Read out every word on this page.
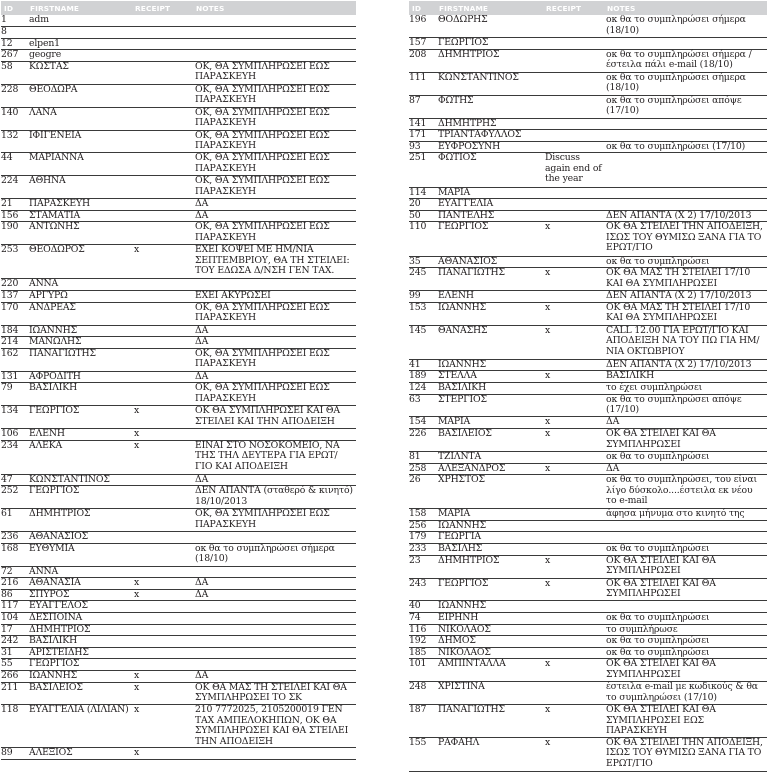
ID	FIRSTNAME	RECEIPT	NOTES
1	adm		
8			
12	elpen1		
267	geogre		
58	ΚΩΣΤΑΣ		ΟΚ, ΘΑ ΣΥΜΠΛΗΡΩΣΕΙ ΕΩΣ ΠΑΡΑΣΚΕΥΗ
228	ΘΕΟΔΩΡΑ		ΟΚ, ΘΑ ΣΥΜΠΛΗΡΩΣΕΙ ΕΩΣ ΠΑΡΑΣΚΕΥΗ
140	ΛΑΝΑ		ΟΚ, ΘΑ ΣΥΜΠΛΗΡΩΣΕΙ ΕΩΣ ΠΑΡΑΣΚΕΥΗ
132	ΙΦΙΓΕΝΕΙΑ		ΟΚ, ΘΑ ΣΥΜΠΛΗΡΩΣΕΙ ΕΩΣ ΠΑΡΑΣΚΕΥΗ
44	ΜΑΡΙΑΝΝΑ		ΟΚ, ΘΑ ΣΥΜΠΛΗΡΩΣΕΙ ΕΩΣ ΠΑΡΑΣΚΕΥΗ
224	ΑΘΗΝΑ		ΟΚ, ΘΑ ΣΥΜΠΛΗΡΩΣΕΙ ΕΩΣ ΠΑΡΑΣΚΕΥΗ
21	ΠΑΡΑΣΚΕΥΗ		ΔΑ
156	ΣΤΑΜΑΤΙΑ		ΔΑ
190	ΑΝΤΩΝΗΣ		ΟΚ, ΘΑ ΣΥΜΠΛΗΡΩΣΕΙ ΕΩΣ ΠΑΡΑΣΚΕΥΗ
253	ΘΕΟΔΩΡΟΣ	x	ΕΧΕΙ ΚΟΨΕΙ ΜΕ ΗΜ/ΝΙΑ ΣΕΠΤΕΜΒΡΙΟΥ, ΘΑ ΤΗ ΣΤΕΙΛΕΙ: ΤΟΥ ΕΔΩΣΑ Δ/ΝΣΗ ΓΕΝ ΤΑΧ.
220	ΑΝΝΑ		
137	ΑΡΓΥΡΩ		ΕΧΕΙ ΑΚΥΡΩΣΕΙ
170	ΑΝΔΡΕΑΣ		ΟΚ, ΘΑ ΣΥΜΠΛΗΡΩΣΕΙ ΕΩΣ ΠΑΡΑΣΚΕΥΗ
184	ΙΩΑΝΝΗΣ		ΔΑ
214	ΜΑΝΩΛΗΣ		ΔΑ
162	ΠΑΝΑΓΙΩΤΗΣ		ΟΚ, ΘΑ ΣΥΜΠΛΗΡΩΣΕΙ ΕΩΣ ΠΑΡΑΣΚΕΥΗ
131	ΑΦΡΟΔΙΤΗ		ΔΑ
79	ΒΑΣΙΛΙΚΗ		ΟΚ, ΘΑ ΣΥΜΠΛΗΡΩΣΕΙ ΕΩΣ ΠΑΡΑΣΚΕΥΗ
134	ΓΕΩΡΓΙΟΣ	x	ΟΚ ΘΑ ΣΥΜΠΛΗΡΩΣΕΙ ΚΑΙ ΘΑ ΣΤΕΙΛΕΙ ΚΑΙ ΤΗΝ ΑΠΟΔΕΙΞΗ
106	ΕΛΕΝΗ	x	
234	ΑΛΕΚΑ	x	ΕΙΝΑΙ ΣΤΟ ΝΟΣΟΚΟΜΕΙΟ, ΝΑ ΤΗΣ ΤΗΛ ΔΕΥΤΕΡΑ ΓΙΑ ΕΡΩΤ/ΓΙΟ ΚΑΙ ΑΠΟΔΕΙΞΗ
47	ΚΩΝΣΤΑΝΤΙΝΟΣ		ΔΑ
252	ΓΕΩΡΓΙΟΣ		ΔΕΝ ΑΠΑΝΤΑ (σταθερό & κινητό) 18/10/2013
61	ΔΗΜΗΤΡΙΟΣ		ΟΚ, ΘΑ ΣΥΜΠΛΗΡΩΣΕΙ ΕΩΣ ΠΑΡΑΣΚΕΥΗ
236	ΑΘΑΝΑΣΙΟΣ		
168	ΕΥΘΥΜΙΑ		οκ θα το συμπληρώσει σήμερα (18/10)
72	ΑΝΝΑ		
216	ΑΘΑΝΑΣΙΑ	x	ΔΑ
86	ΣΠΥΡΟΣ	x	ΔΑ
117	ΕΥΑΓΓΕΛΟΣ		
104	ΔΕΣΠΟΙΝΑ		
17	ΔΗΜΗΤΡΙΟΣ		
242	ΒΑΣΙΛΙΚΗ		
31	ΑΡΙΣΤΕΙΔΗΣ		
55	ΓΕΩΡΓΙΟΣ		
266	ΙΩΑΝΝΗΣ	x	ΔΑ
211	ΒΑΣΙΛΕΙΟΣ	x	ΟΚ ΘΑ ΜΑΣ ΤΗ ΣΤΕΙΛΕΙ ΚΑΙ ΘΑ ΣΥΜΠΛΗΡΩΣΕΙ ΤΟ ΣΚ
118	ΕΥΑΓΓΕΛΙΑ (ΛΙΛΙΑΝ)	x	210 7772025, 2105200019 ΓΕΝ ΤΑΧ ΑΜΠΕΛΟΚΗΠΩΝ, ΟΚ ΘΑ ΣΥΜΠΛΗΡΩΣΕΙ ΚΑΙ ΘΑ ΣΤΕΙΛΕΙ ΤΗΝ ΑΠΟΔΕΙΞΗ
89	ΑΛΕΞΙΟΣ	x	
ID	FIRSTNAME	RECEIPT	NOTES
196	ΘΟΔΩΡΗΣ		οκ θα το συμπληρώσει σήμερα (18/10)
157	ΓΕΩΡΓΙΟΣ		
208	ΔΗΜΗΤΡΙΟΣ		οκ θα το συμπληρώσει σήμερα / έστειλα πάλι e-mail (18/10)
111	ΚΩΝΣΤΑΝΤΙΝΟΣ		οκ θα το συμπληρώσει σήμερα (18/10)
87	ΦΩΤΗΣ		οκ θα το συμπληρώσει απόψε (17/10)
141	ΔΗΜΗΤΡΗΣ		
171	ΤΡΙΑΝΤΑΦΥΛΛΟΣ		
93	ΕΥΦΡΟΣΥΝΗ		οκ θα το συμπληρώσει (17/10)
251	ΦΩΤΙΟΣ	Discuss again end of the year	
114	ΜΑΡΙΑ		
20	ΕΥΑΓΓΕΛΙΑ		
50	ΠΑΝΤΕΛΗΣ		ΔΕΝ ΑΠΑΝΤΑ (Χ 2) 17/10/2013
110	ΓΕΩΡΓΙΟΣ	x	ΟΚ ΘΑ ΣΤΕΙΛΕΙ ΤΗΝ ΑΠΟΔΕΙΞΗ, ΙΣΩΣ ΤΟΥ ΘΥΜΙΣΩ ΞΑΝΑ ΓΙΑ ΤΟ ΕΡΩΤ/ΓΙΟ
35	ΑΘΑΝΑΣΙΟΣ		οκ θα το συμπληρώσει
245	ΠΑΝΑΓΙΩΤΗΣ	x	ΟΚ ΘΑ ΜΑΣ ΤΗ ΣΤΕΙΛΕΙ 17/10 ΚΑΙ ΘΑ ΣΥΜΠΛΗΡΩΣΕΙ
99	ΕΛΕΝΗ		ΔΕΝ ΑΠΑΝΤΑ (Χ 2) 17/10/2013
153	ΙΩΑΝΝΗΣ	x	ΟΚ ΘΑ ΜΑΣ ΤΗ ΣΤΕΙΛΕΙ 17/10 ΚΑΙ ΘΑ ΣΥΜΠΛΗΡΩΣΕΙ
145	ΘΑΝΑΣΗΣ	x	CALL 12.00 ΓΙΑ ΕΡΩΤ/ΓΙΟ ΚΑΙ ΑΠΟΔΕΙΞΗ ΝΑ ΤΟΥ ΠΩ ΓΙΑ ΗΜ/ΝΙΑ ΟΚΤΩΒΡΙΟΥ
41	ΙΩΑΝΝΗΣ		ΔΕΝ ΑΠΑΝΤΑ (Χ 2) 17/10/2013
189	ΣΤΕΛΛΑ	x	ΒΑΣΙΛΙΚΗ
124	ΒΑΣΙΛΙΚΗ		το έχει συμπληρώσει
63	ΣΤΕΡΓΙΟΣ		οκ θα το συμπληρώσει απόψε (17/10)
154	ΜΑΡΙΑ	x	ΔΑ
226	ΒΑΣΙΛΕΙΟΣ	x	ΟΚ ΘΑ ΣΤΕΙΛΕΙ ΚΑΙ ΘΑ ΣΥΜΠΛΗΡΩΣΕΙ
81	ΤΖΙΛΝΤΑ		οκ θα το συμπληρώσει
258	ΑΛΕΞΑΝΔΡΟΣ	x	ΔΑ
26	ΧΡΗΣΤΟΣ		οκ θα το συμπληρώσει, του είναι λίγο δύσκολο....έστειλα εκ νέου το e-mail
158	ΜΑΡΙΑ		άφησα μήνυμα στο κινητό της
256	ΙΩΑΝΝΗΣ		
179	ΓΕΩΡΓΙΑ		
233	ΒΑΣΙΛΗΣ		οκ θα το συμπληρώσει
23	ΔΗΜΗΤΡΙΟΣ	x	ΟΚ ΘΑ ΣΤΕΙΛΕΙ ΚΑΙ ΘΑ ΣΥΜΠΛΗΡΩΣΕΙ
243	ΓΕΩΡΓΙΟΣ	x	ΟΚ ΘΑ ΣΤΕΙΛΕΙ ΚΑΙ ΘΑ ΣΥΜΠΛΗΡΩΣΕΙ
40	ΙΩΑΝΝΗΣ		
74	ΕΙΡΗΝΗ		οκ θα το συμπληρώσει
116	ΝΙΚΟΛΑΟΣ		το συμπλήρωσε
192	ΔΗΜΟΣ		οκ θα το συμπληρώσει
185	ΝΙΚΟΛΑΟΣ		οκ θα το συμπληρώσει
101	ΑΜΠΙΝΤΑΛΛΑ	x	ΟΚ ΘΑ ΣΤΕΙΛΕΙ ΚΑΙ ΘΑ ΣΥΜΠΛΗΡΩΣΕΙ
248	ΧΡΙΣΤΙΝΑ		έστειλα e-mail με κωδικούς & θα το συμπληρώσει (17/10)
187	ΠΑΝΑΓΙΩΤΗΣ	x	ΟΚ ΘΑ ΣΤΕΙΛΕΙ ΚΑΙ ΘΑ ΣΥΜΠΛΗΡΩΣΕΙ ΕΩΣ ΠΑΡΑΣΚΕΥΗ
155	ΡΑΦΑΗΛ	x	ΟΚ ΘΑ ΣΤΕΙΛΕΙ ΤΗΝ ΑΠΟΔΕΙΞΗ, ΙΣΩΣ ΤΟΥ ΘΥΜΙΣΩ ΞΑΝΑ ΓΙΑ ΤΟ ΕΡΩΤ/ΓΙΟ
